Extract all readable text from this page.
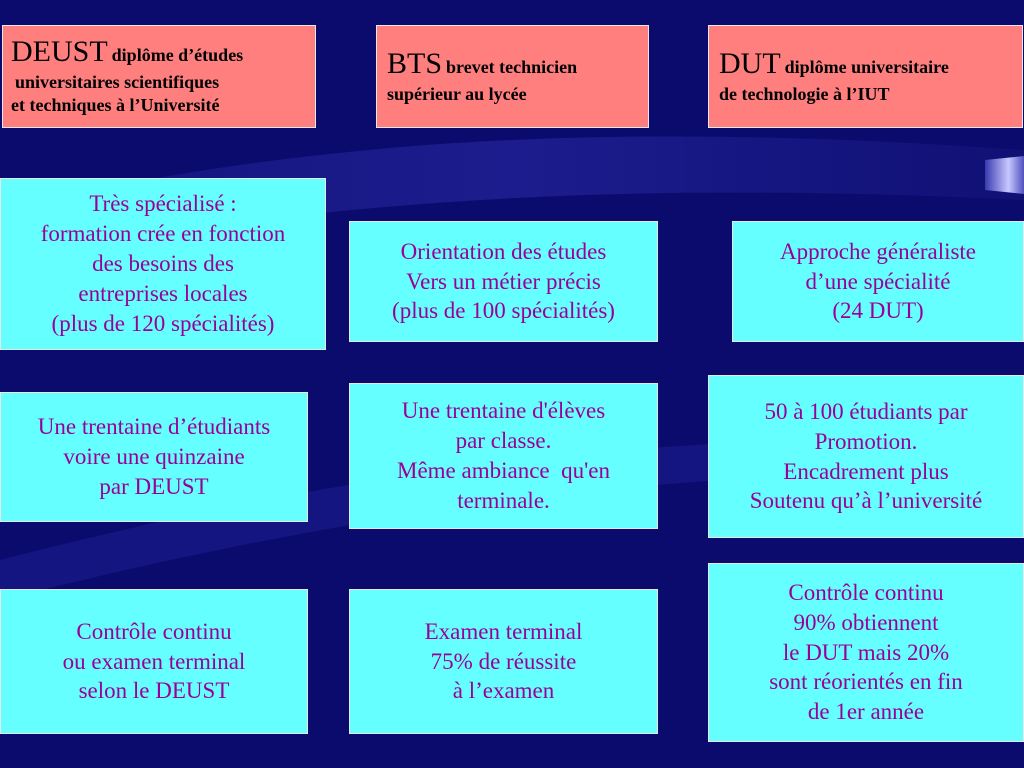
DEUST diplôme d’études
universitaires scientifiques
et techniques à l’Université
BTS brevet technicien
supérieur au lycée
DUT diplôme universitaire
de technologie à l’IUT
Très spécialisé :
formation crée en fonction
des besoins des
entreprises locales
(plus de 120 spécialités)
Une trentaine d’étudiants
voire une quinzaine
par DEUST
Contrôle continu
ou examen terminal
selon le DEUST
Orientation des études
Vers un métier précis
(plus de 100 spécialités)
Une trentaine d'élèves
par classe.
Même ambiance  qu'en
terminale.
Examen terminal
75% de réussite
à l’examen
Approche généraliste
d’une spécialité
(24 DUT)
50 à 100 étudiants par
Promotion.
Encadrement plus
Soutenu qu’à l’université
Contrôle continu
90% obtiennent
le DUT mais 20%
sont réorientés en fin
de 1er année
